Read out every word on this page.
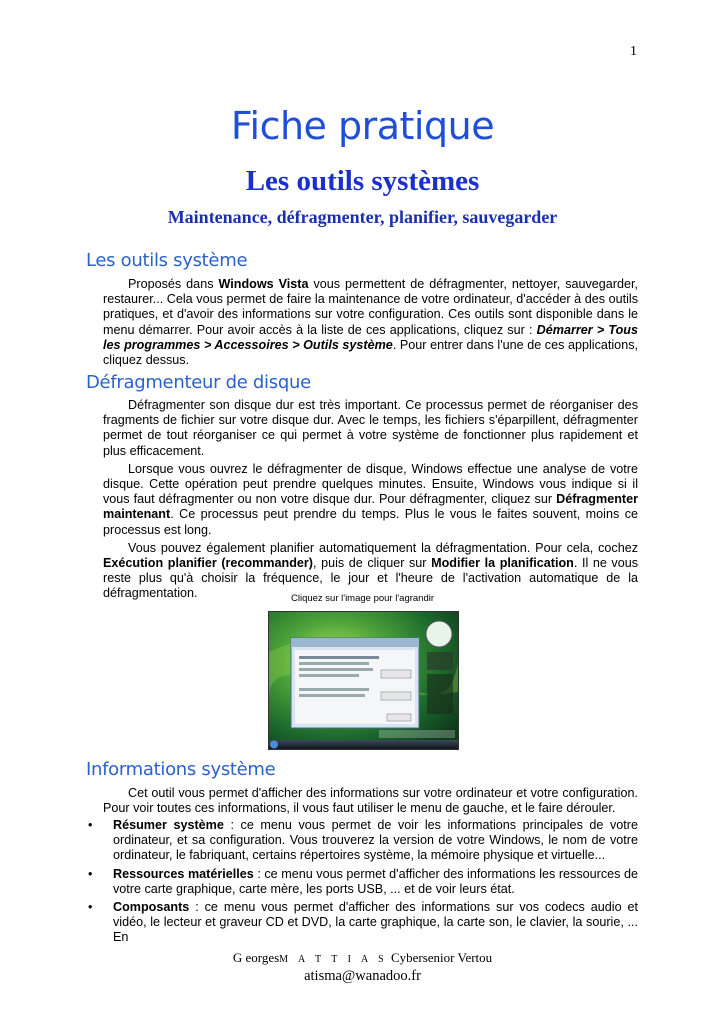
1
Fiche pratique
Les outils systèmes
Maintenance, défragmenter, planifier, sauvegarder
Les outils système

Proposés dans Windows Vista vous permettent de défragmenter, nettoyer, sauvegarder, restaurer... Cela vous permet de faire la maintenance de votre ordinateur, d'accéder à des outils pratiques, et d'avoir des informations sur votre configuration. Ces outils sont disponible dans le menu démarrer. Pour avoir accès à la liste de ces applications, cliquez sur : Démarrer > Tous les programmes > Accessoires > Outils système. Pour entrer dans l'une de ces applications, cliquez dessus.

Défragmenteur de disque

Défragmenter son disque dur est très important. Ce processus permet de réorganiser des fragments de fichier sur votre disque dur. Avec le temps, les fichiers s'éparpillent, défragmenter permet de tout réorganiser ce qui permet à votre système de fonctionner plus rapidement et plus efficacement.

Lorsque vous ouvrez le défragmenter de disque, Windows effectue une analyse de votre disque. Cette opération peut prendre quelques minutes. Ensuite, Windows vous indique si il vous faut défragmenter ou non votre disque dur. Pour défragmenter, cliquez sur Défragmenter maintenant. Ce processus peut prendre du temps. Plus le vous le faites souvent, moins ce processus est long.

Vous pouvez également planifier automatiquement la défragmentation. Pour cela, cochez Exécution planifier (recommander), puis de cliquer sur Modifier la planification. Il ne vous reste plus qu'à choisir la fréquence, le jour et l'heure de l'activation automatique de la défragmentation.	Cliquez sur l'image pour l'agrandir
Informations système

Cet outil vous permet d'afficher des informations sur votre ordinateur et votre configuration. Pour voir toutes ces informations, il vous faut utiliser le menu de gauche, et le faire dérouler.

• Résumer système : ce menu vous permet de voir les informations principales de votre ordinateur, et sa configuration. Vous trouverez la version de votre Windows, le nom de votre ordinateur, le fabriquant, certains répertoires système, la mémoire physique et virtuelle...
• Ressources matérielles : ce menu vous permet d'afficher des informations les ressources de votre carte graphique, carte mère, les ports USB, ... et de voir leurs état.
• Composants : ce menu vous permet d'afficher des informations sur vos codecs audio et vidéo, le lecteur et graveur CD et DVD, la carte graphique, la carte son, le clavier, la sourie, ... En
G eorgesM A T T I A S Cybersenior Vertou
atisma@wanadoo.fr
